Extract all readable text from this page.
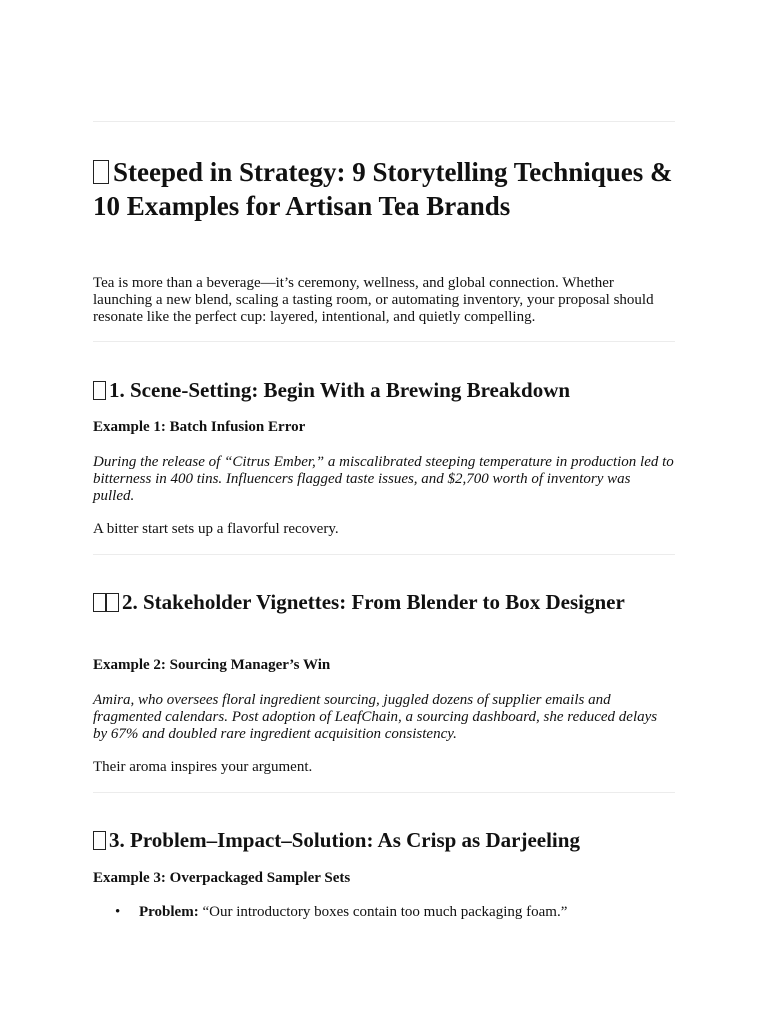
Steeped in Strategy: 9 Storytelling Techniques & 10 Examples for Artisan Tea Brands

Tea is more than a beverage—it’s ceremony, wellness, and global connection. Whether launching a new blend, scaling a tasting room, or automating inventory, your proposal should resonate like the perfect cup: layered, intentional, and quietly compelling.

1. Scene-Setting: Begin With a Brewing Breakdown
Example 1: Batch Infusion Error

During the release of “Citrus Ember,” a miscalibrated steeping temperature in production led to bitterness in 400 tins. Influencers flagged taste issues, and $2,700 worth of inventory was pulled.

A bitter start sets up a flavorful recovery.

2. Stakeholder Vignettes: From Blender to Box Designer
Example 2: Sourcing Manager’s Win

Amira, who oversees floral ingredient sourcing, juggled dozens of supplier emails and fragmented calendars. Post adoption of LeafChain, a sourcing dashboard, she reduced delays by 67% and doubled rare ingredient acquisition consistency.

Their aroma inspires your argument.

3. Problem–Impact–Solution: As Crisp as Darjeeling
Example 3: Overpackaged Sampler Sets
• Problem: “Our introductory boxes contain too much packaging foam.”
